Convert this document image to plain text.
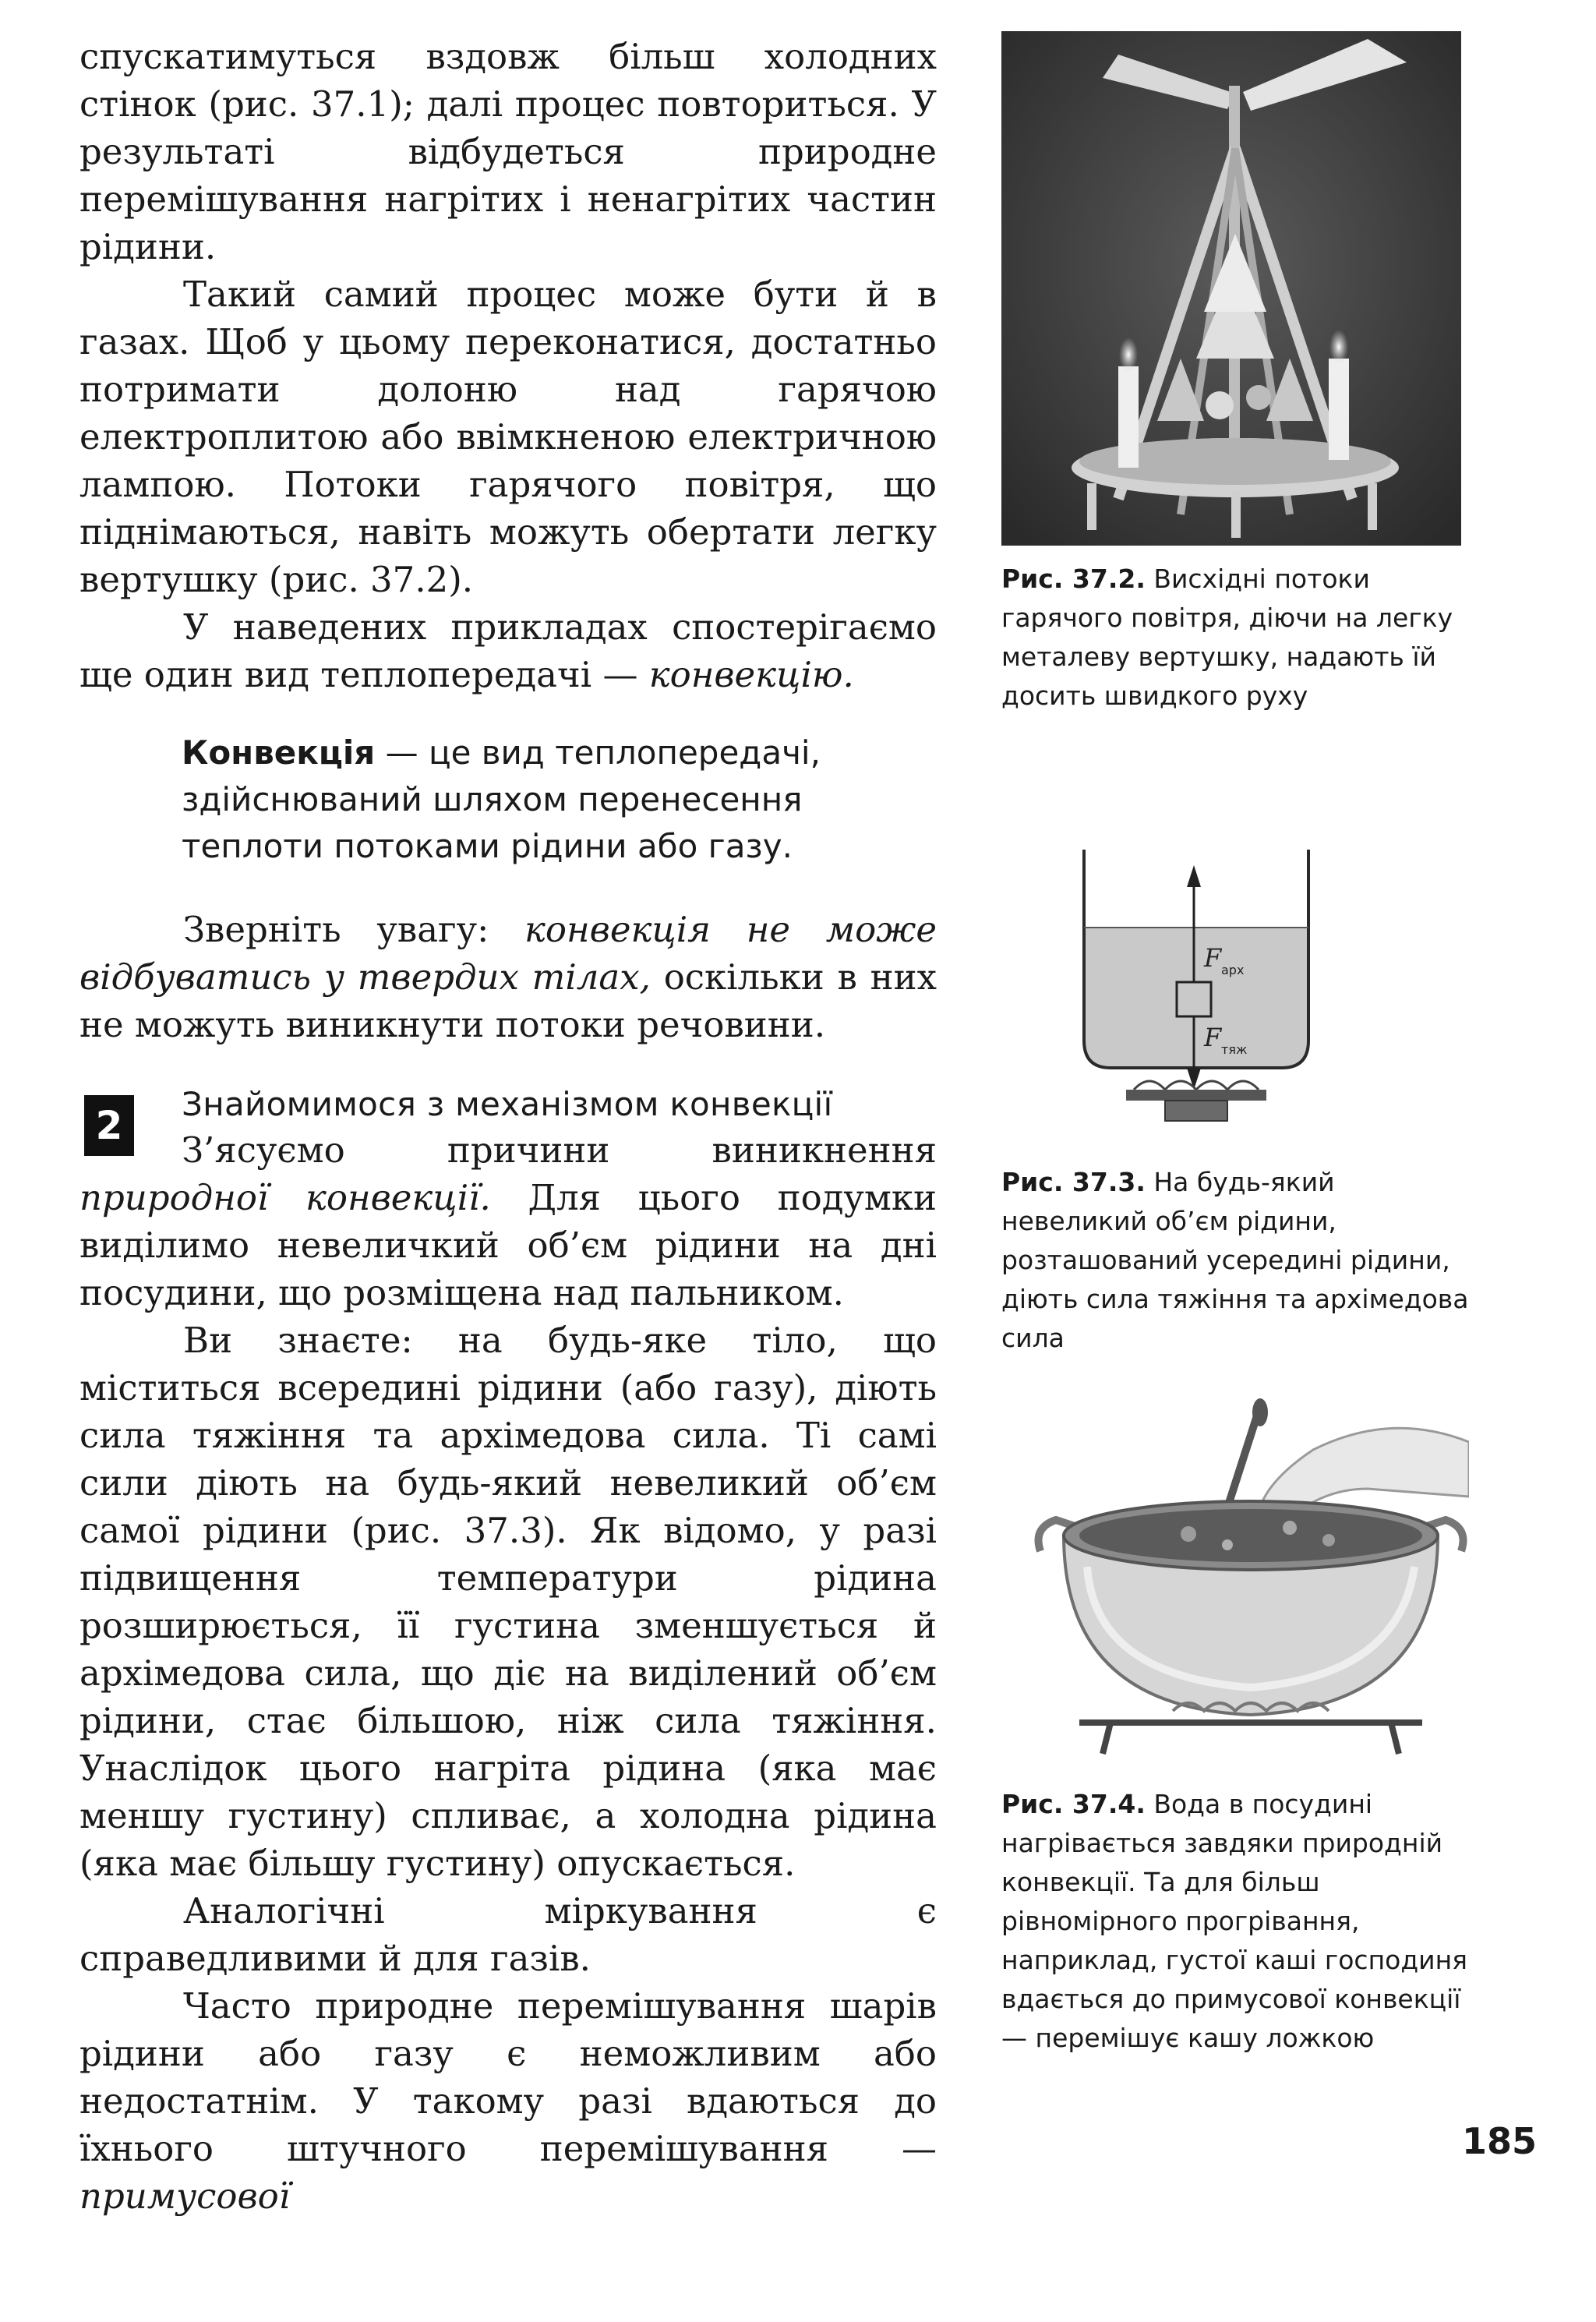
спускатимуться вздовж більш холодних стінок (рис. 37.1); далі процес повториться. У результаті відбудеться природне перемішування нагрітих і ненагрітих частин рідини.

Такий самий процес може бути й в газах. Щоб у цьому переконатися, достатньо потримати долоню над гарячою електроплитою або ввімкненою електричною лампою. Потоки гарячого повітря, що піднімаються, навіть можуть обертати легку вертушку (рис. 37.2).

У наведених прикладах спостерігаємо ще один вид теплопередачі — конвекцію.

Конвекція — це вид теплопередачі, здійснюваний шляхом перенесення теплоти потоками рідини або газу.

Зверніть увагу: конвекція не може відбуватись у твердих тілах, оскільки в них не можуть виникнути потоки речовини.

2	Знайомимося з механізмом конвекції

З’ясуємо причини виникнення природної конвекції. Для цього подумки виділимо невеличкий об’єм рідини на дні посудини, що розміщена над пальником.

Ви знаєте: на будь-яке тіло, що міститься всередині рідини (або газу), діють сила тяжіння та архімедова сила. Ті самі сили діють на будь-який невеликий об’єм самої рідини (рис. 37.3). Як відомо, у разі підвищення температури рідина розширюється, її густина зменшується й архімедова сила, що діє на виділений об’єм рідини, стає більшою, ніж сила тяжіння. Унаслідок цього нагріта рідина (яка має меншу густину) спливає, а холодна рідина (яка має більшу густину) опускається.

Аналогічні міркування є справедливими й для газів.

Часто природне перемішування шарів рідини або газу є неможливим або недостатнім. У такому разі вдаються до їхнього штучного перемішування — примусової

Рис. 37.2. Висхідні потоки гарячого повітря, діючи на легку металеву вертушку, надають їй досить швидкого руху
F арх
F тяж
Рис. 37.3. На будь-який невеликий об’єм рідини, розташований усередині рідини, діють сила тяжіння та архімедова сила
Рис. 37.4. Вода в посудині нагрівається завдяки природній конвекції. Та для більш рівномірного прогрівання, наприклад, густої каші господиня вдається до примусової конвекції — перемішує кашу ложкою
185
